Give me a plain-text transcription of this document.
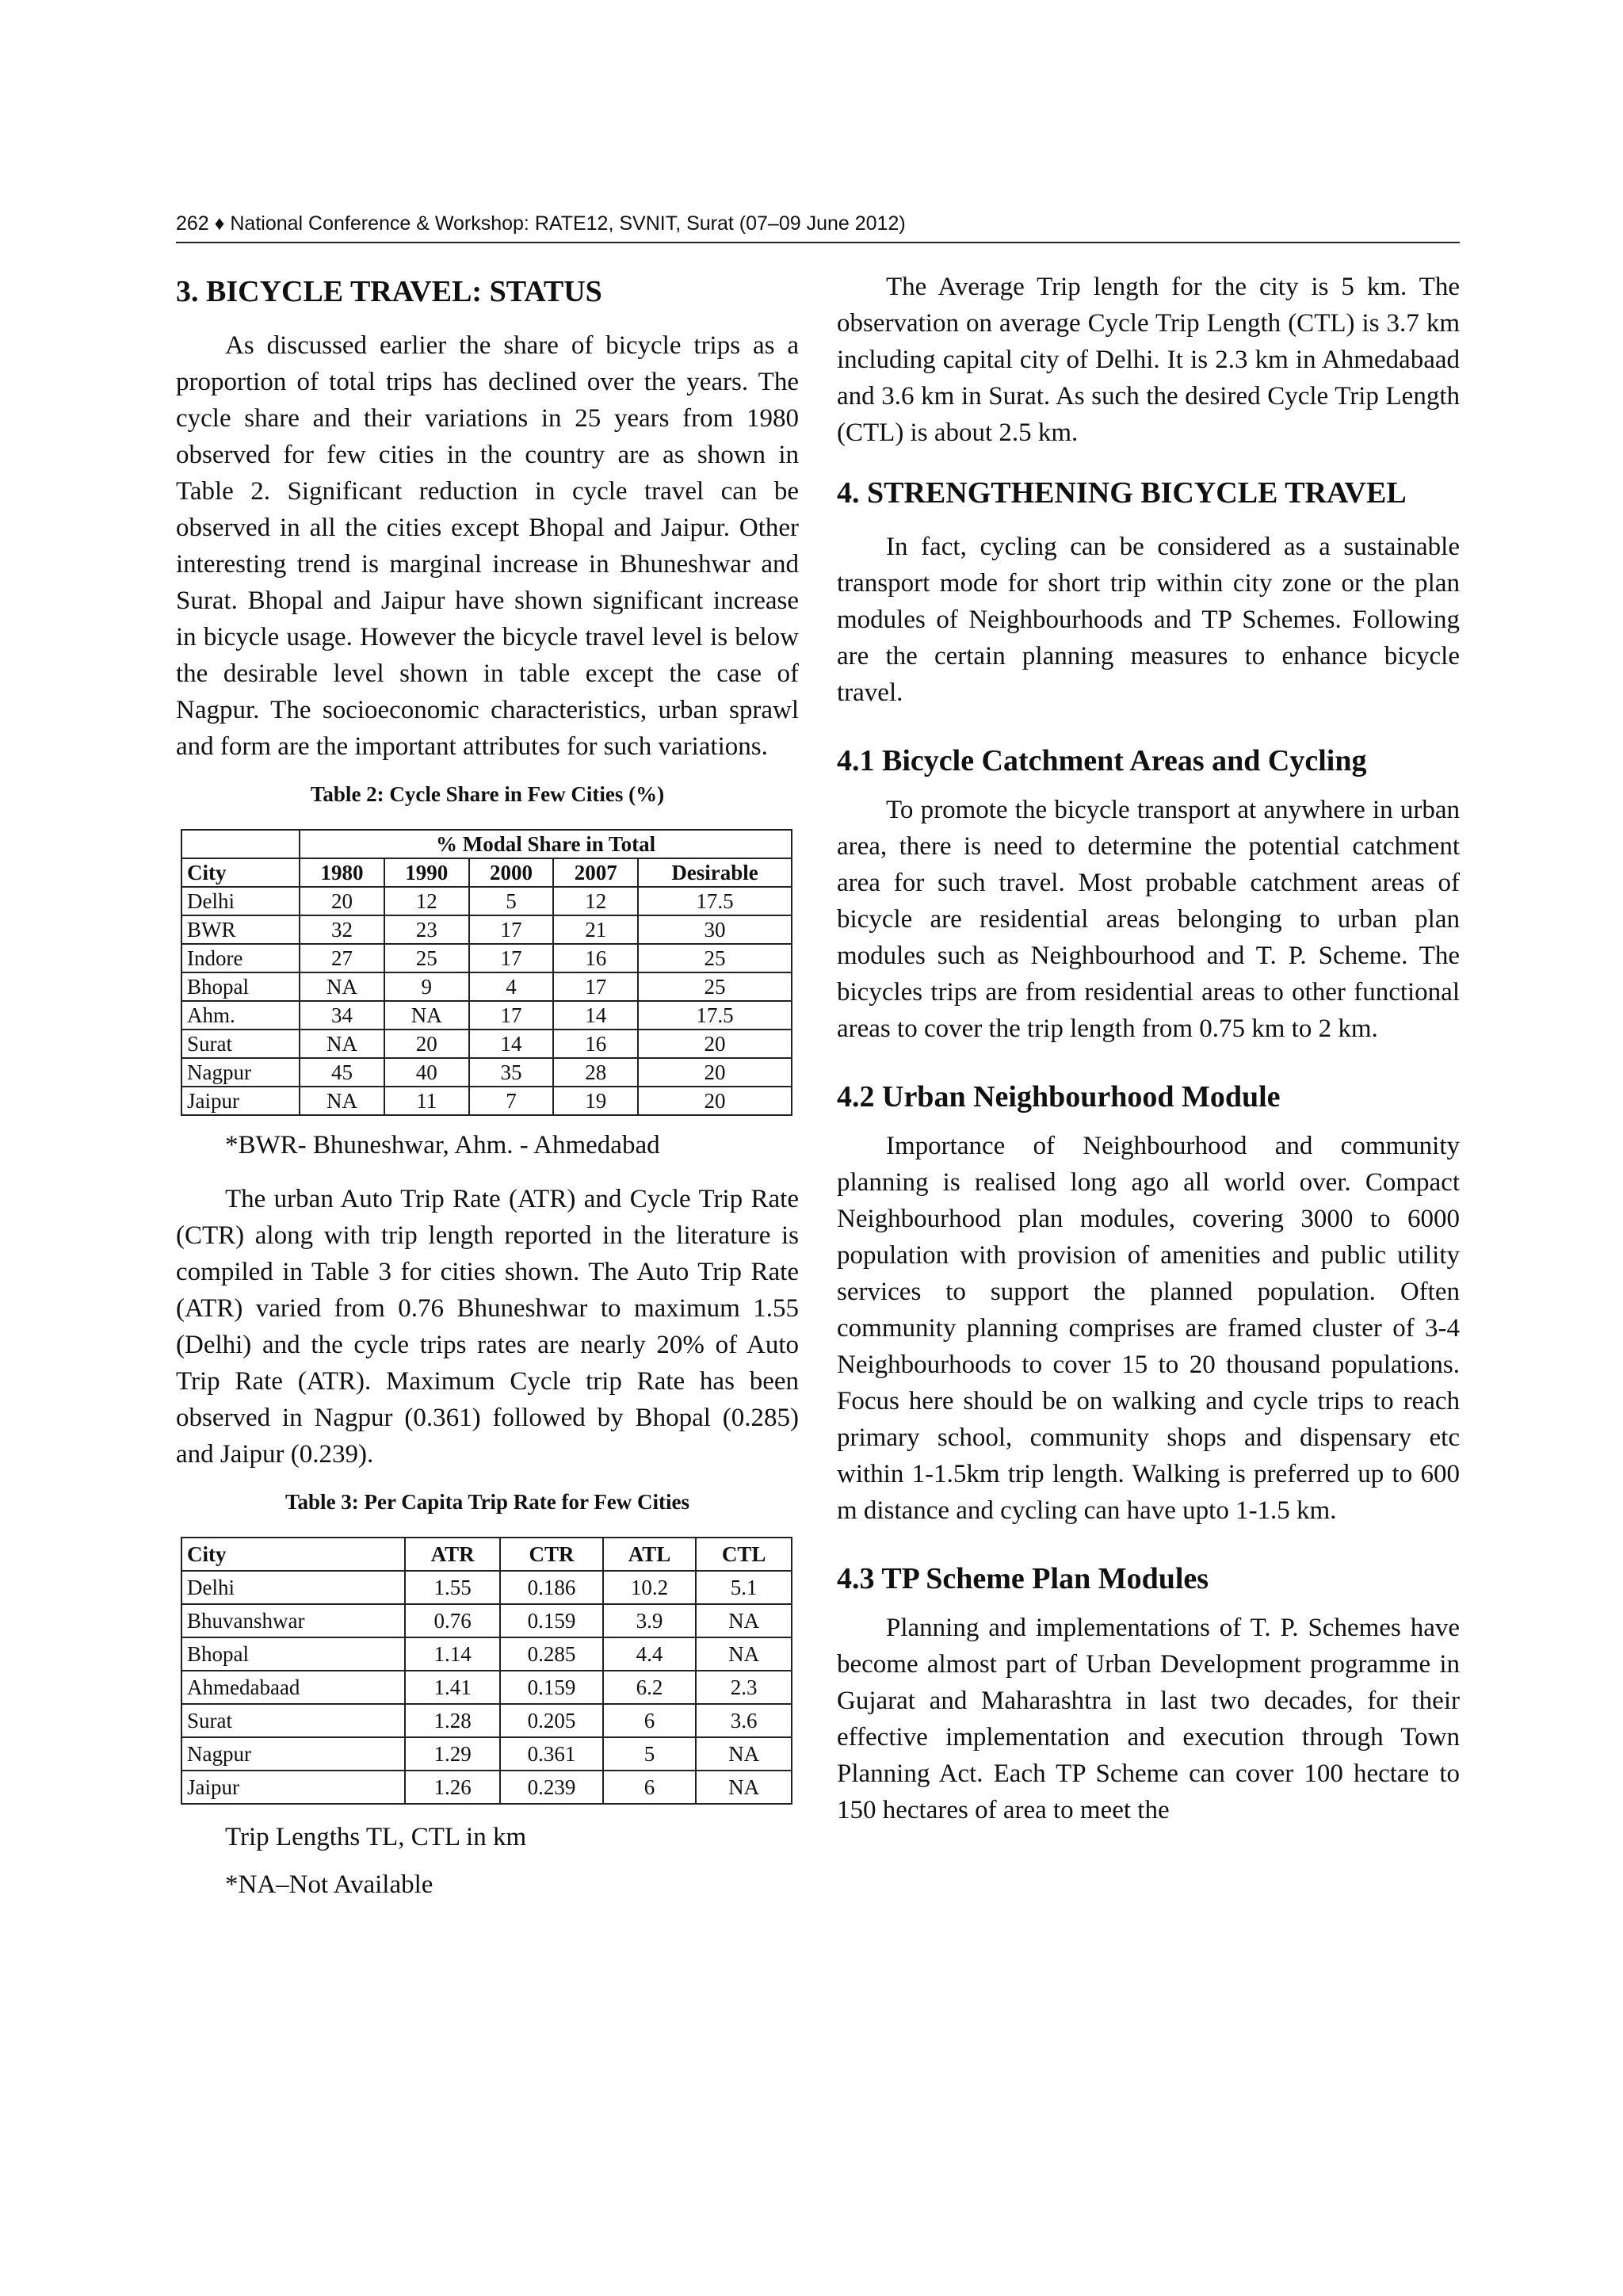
262 ♦ National Conference & Workshop: RATE12, SVNIT, Surat (07–09 June 2012)
3. BICYCLE TRAVEL: STATUS

As discussed earlier the share of bicycle trips as a proportion of total trips has declined over the years. The cycle share and their variations in 25 years from 1980 observed for few cities in the country are as shown in Table 2. Significant reduction in cycle travel can be observed in all the cities except Bhopal and Jaipur. Other interesting trend is marginal increase in Bhuneshwar and Surat. Bhopal and Jaipur have shown significant increase in bicycle usage. However the bicycle travel level is below the desirable level shown in table except the case of Nagpur. The socioeconomic characteristics, urban sprawl and form are the important attributes for such variations.

Table 2: Cycle Share in Few Cities (%)
	% Modal Share in Total				
City	1980	1990	2000	2007	Desirable
Delhi	20	12	5	12	17.5
BWR	32	23	17	21	30
Indore	27	25	17	16	25
Bhopal	NA	9	4	17	25
Ahm.	34	NA	17	14	17.5
Surat	NA	20	14	16	20
Nagpur	45	40	35	28	20
Jaipur	NA	11	7	19	20

*BWR- Bhuneshwar, Ahm. - Ahmedabad

The urban Auto Trip Rate (ATR) and Cycle Trip Rate (CTR) along with trip length reported in the literature is compiled in Table 3 for cities shown. The Auto Trip Rate (ATR) varied from 0.76 Bhuneshwar to maximum 1.55 (Delhi) and the cycle trips rates are nearly 20% of Auto Trip Rate (ATR). Maximum Cycle trip Rate has been observed in Nagpur (0.361) followed by Bhopal (0.285) and Jaipur (0.239).

Table 3: Per Capita Trip Rate for Few Cities
City	ATR	CTR	ATL	CTL
Delhi	1.55	0.186	10.2	5.1
Bhuvanshwar	0.76	0.159	3.9	NA
Bhopal	1.14	0.285	4.4	NA
Ahmedabaad	1.41	0.159	6.2	2.3
Surat	1.28	0.205	6	3.6
Nagpur	1.29	0.361	5	NA
Jaipur	1.26	0.239	6	NA

Trip Lengths TL, CTL in km

*NA–Not Available

The Average Trip length for the city is 5 km. The observation on average Cycle Trip Length (CTL) is 3.7 km including capital city of Delhi. It is 2.3 km in Ahmedabaad and 3.6 km in Surat. As such the desired Cycle Trip Length (CTL) is about 2.5 km.

4. STRENGTHENING BICYCLE TRAVEL

In fact, cycling can be considered as a sustainable transport mode for short trip within city zone or the plan modules of Neighbourhoods and TP Schemes. Following are the certain planning measures to enhance bicycle travel.

4.1 Bicycle Catchment Areas and Cycling

To promote the bicycle transport at anywhere in urban area, there is need to determine the potential catchment area for such travel. Most probable catchment areas of bicycle are residential areas belonging to urban plan modules such as Neighbourhood and T. P. Scheme. The bicycles trips are from residential areas to other functional areas to cover the trip length from 0.75 km to 2 km.

4.2 Urban Neighbourhood Module

Importance of Neighbourhood and community planning is realised long ago all world over. Compact Neighbourhood plan modules, covering 3000 to 6000 population with provision of amenities and public utility services to support the planned population. Often community planning comprises are framed cluster of 3-4 Neighbourhoods to cover 15 to 20 thousand populations. Focus here should be on walking and cycle trips to reach primary school, community shops and dispensary etc within 1-1.5km trip length. Walking is preferred up to 600 m distance and cycling can have upto 1-1.5 km.

4.3 TP Scheme Plan Modules

Planning and implementations of T. P. Schemes have become almost part of Urban Development programme in Gujarat and Maharashtra in last two decades, for their effective implementation and execution through Town Planning Act. Each TP Scheme can cover 100 hectare to 150 hectares of area to meet the
